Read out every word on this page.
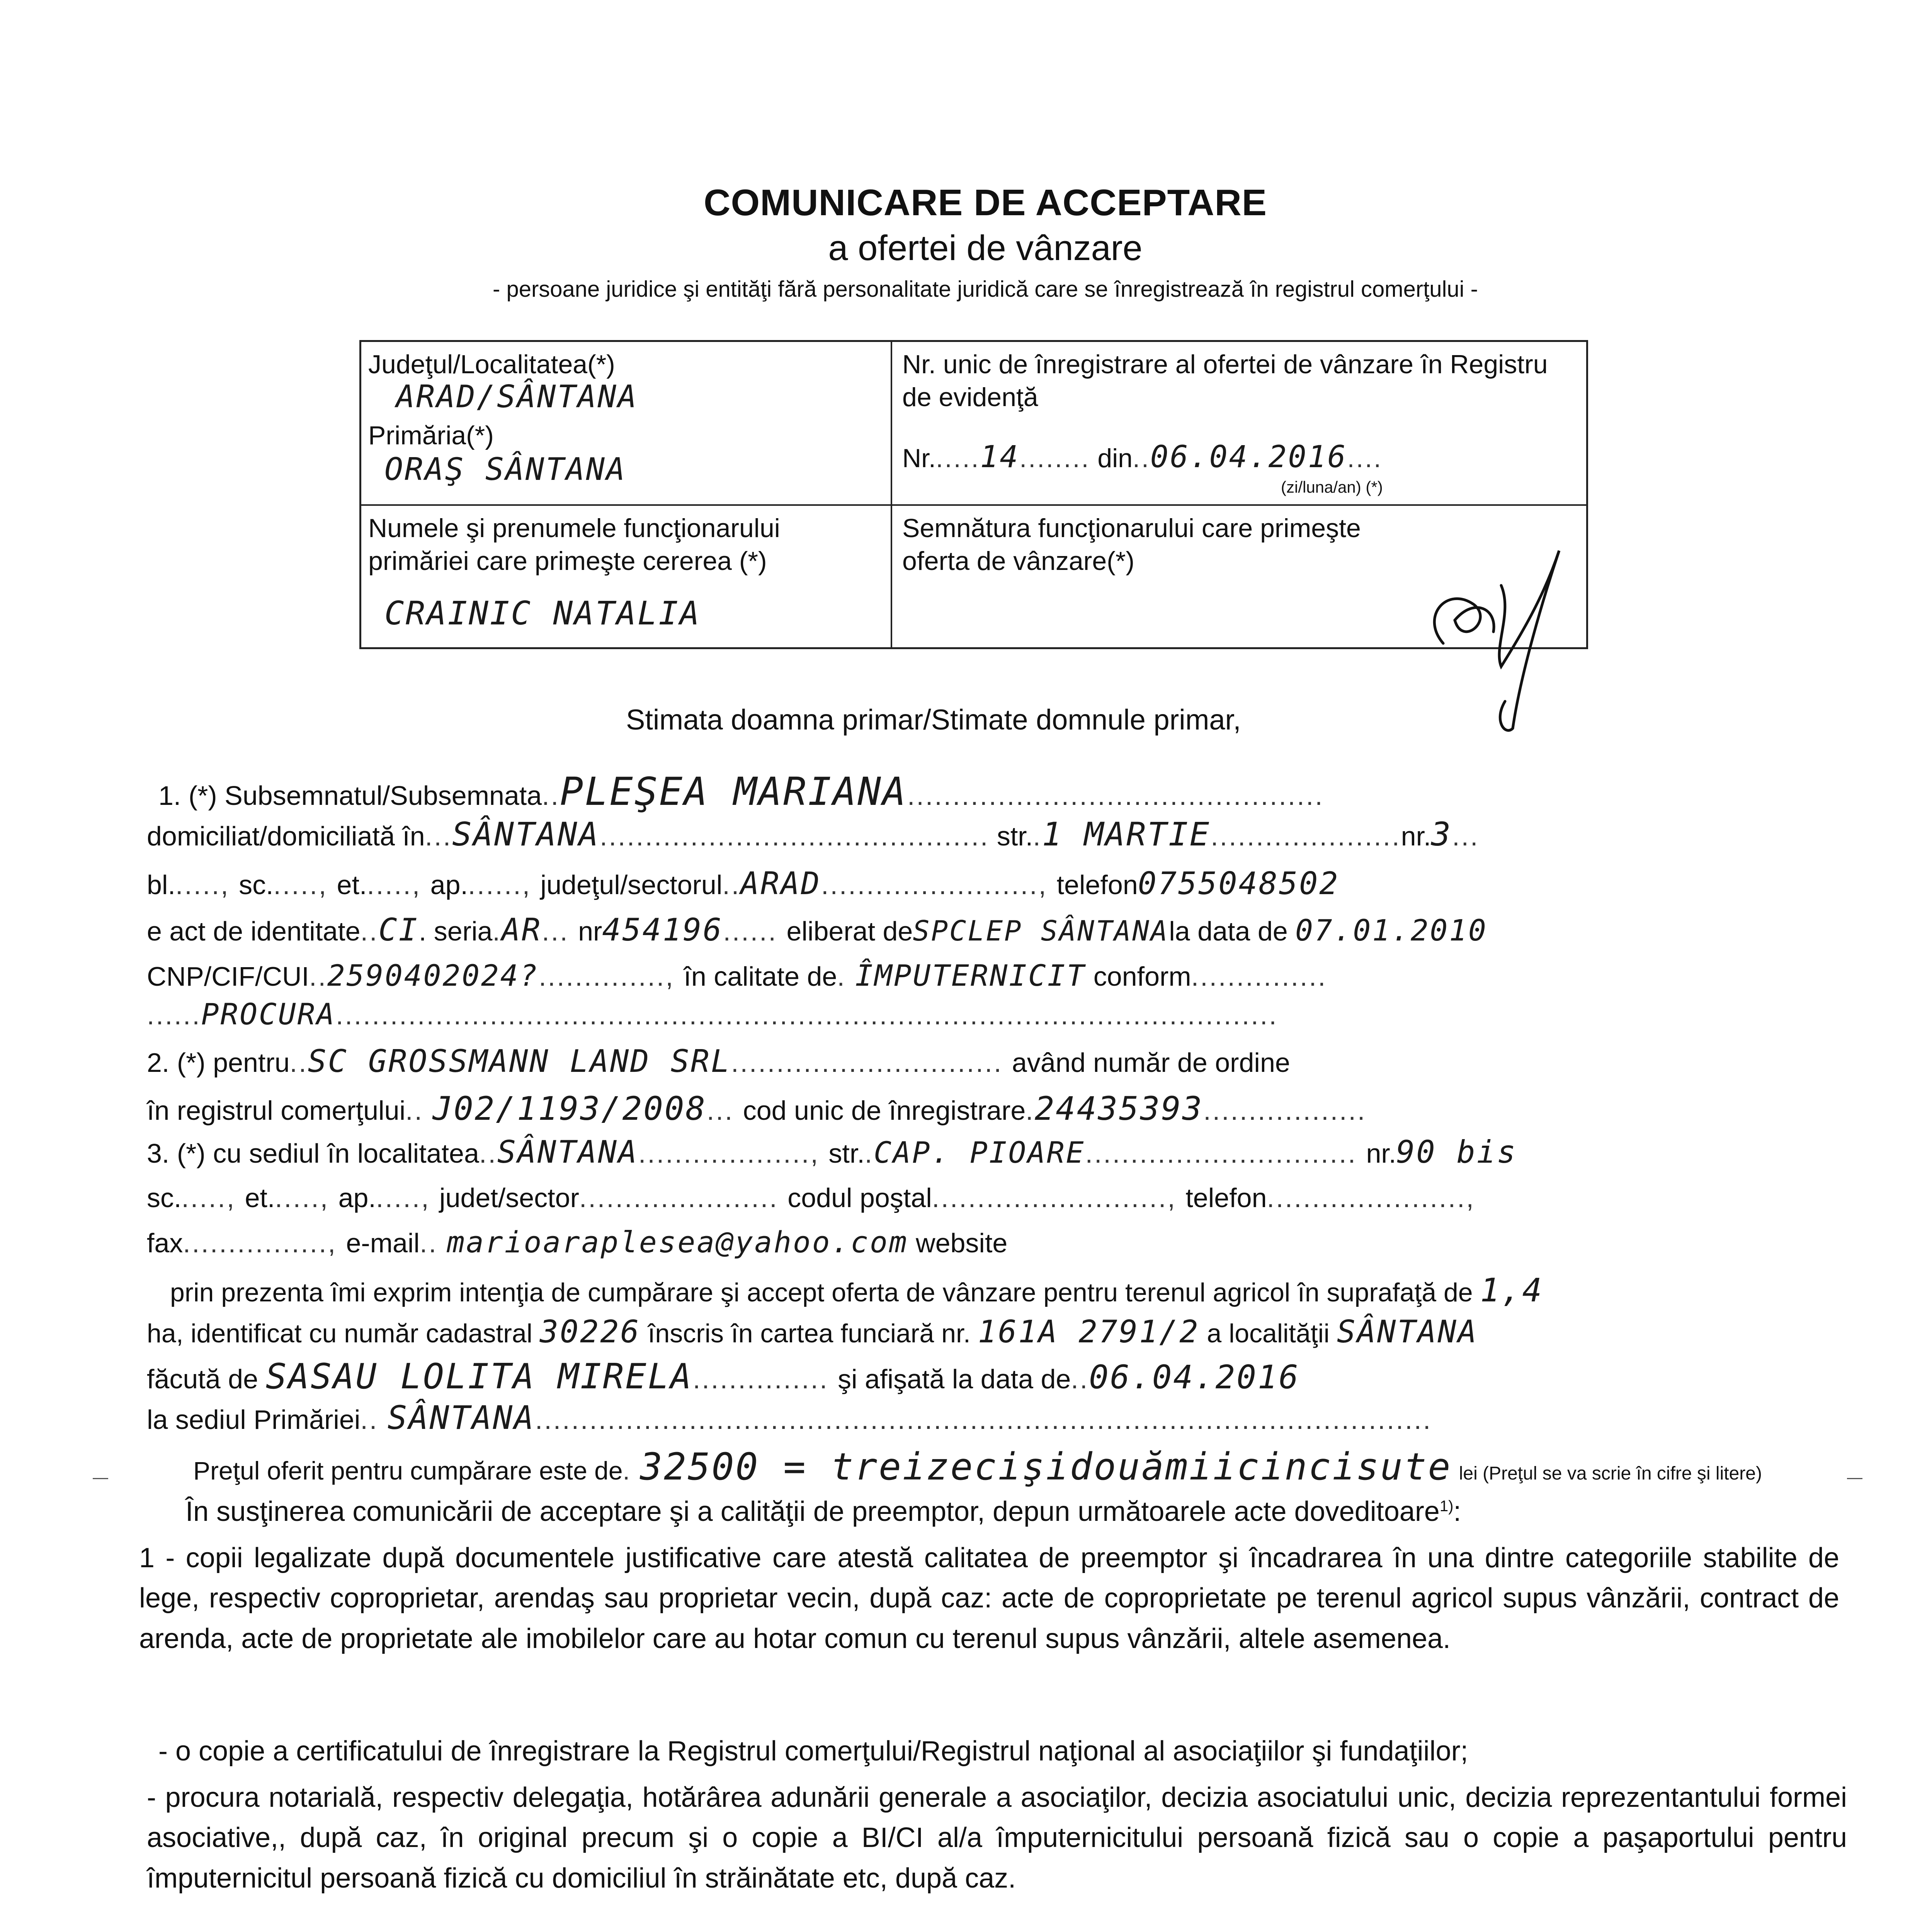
COMUNICARE DE ACCEPTARE
a ofertei de vânzare
- persoane juridice şi entităţi fără personalitate juridică care se înregistrează în registrul comerţului -
Judeţul/Localitatea(*)
ARAD/SÂNTANA
Primăria(*)
ORAŞ SÂNTANA
Nr. unic de înregistrare al ofertei de vânzare în Registru de evidenţă
Nr......14........ din..06.04.2016....
(zi/luna/an) (*)
Numele şi prenumele funcţionarului primăriei care primeşte cererea (*)
CRAINIC NATALIA
Semnătura funcţionarului care primeşte oferta de vânzare(*)
Stimata doamna primar/Stimate domnule primar,
1. (*) Subsemnatul/Subsemnata..PLEŞEA MARIANA..............................................
domiciliat/domiciliată în...SÂNTANA........................................... str..1 MARTIE.....................nr.3...
bl......, sc......, et......, ap......., judeţul/sectorul..ARAD........................, telefon0755048502
e act de identitate..CI. seria.AR... nr454196...... eliberat deSPCLEP SÂNTANAla data de 07.01.2010
CNP/CIF/CUI..2590402024?.............., în calitate de. ÎMPUTERNICIT conform...............
......PROCURA........................................................................................................
2. (*) pentru..SC GROSSMANN LAND SRL.............................. având număr de ordine
în registrul comerţului.. J02/1193/2008... cod unic de înregistrare.24435393..................
3. (*) cu sediul în localitatea..SÂNTANA..................., str..CAP. PIOARE.............................. nr.90 bis
sc......, et......, ap......, judet/sector...................... codul poştal.........................., telefon......................,
fax................, e-mail.. marioaraplesea@yahoo.com website
prin prezenta îmi exprim intenţia de cumpărare şi accept oferta de vânzare pentru terenul agricol în suprafaţă de 1,4
ha, identificat cu număr cadastral 30226 înscris în cartea funciară nr. 161A 2791/2 a localităţii SÂNTANA
făcută de SASAU LOLITA MIRELA............... şi afişată la data de..06.04.2016
la sediul Primăriei.. SÂNTANA...................................................................................................
Preţul oferit pentru cumpărare este de. 32500 = treizecişidouămiicincisute lei (Preţul se va scrie în cifre şi litere)
În susţinerea comunicării de acceptare şi a calităţii de preemptor, depun următoarele acte doveditoare$^{1)}$:
1 - copii legalizate după documentele justificative care atestă calitatea de preemptor şi încadrarea în una dintre categoriile stabilite de lege, respectiv coproprietar, arendaş sau proprietar vecin, după caz: acte de coproprietate pe terenul agricol supus vânzării, contract de arenda, acte de proprietate ale imobilelor care au hotar comun cu terenul supus vânzării, altele asemenea.
- o copie a certificatului de înregistrare la Registrul comerţului/Registrul naţional al asociaţiilor şi fundaţiilor;
- procura notarială, respectiv delegaţia, hotărârea adunării generale a asociaţilor, decizia asociatului unic, decizia reprezentantului formei asociative,, după caz, în original precum şi o copie a BI/CI al/a împuternicitului persoană fizică sau o copie a paşaportului pentru împuternicitul persoană fizică cu domiciliul în străinătate etc, după caz.
